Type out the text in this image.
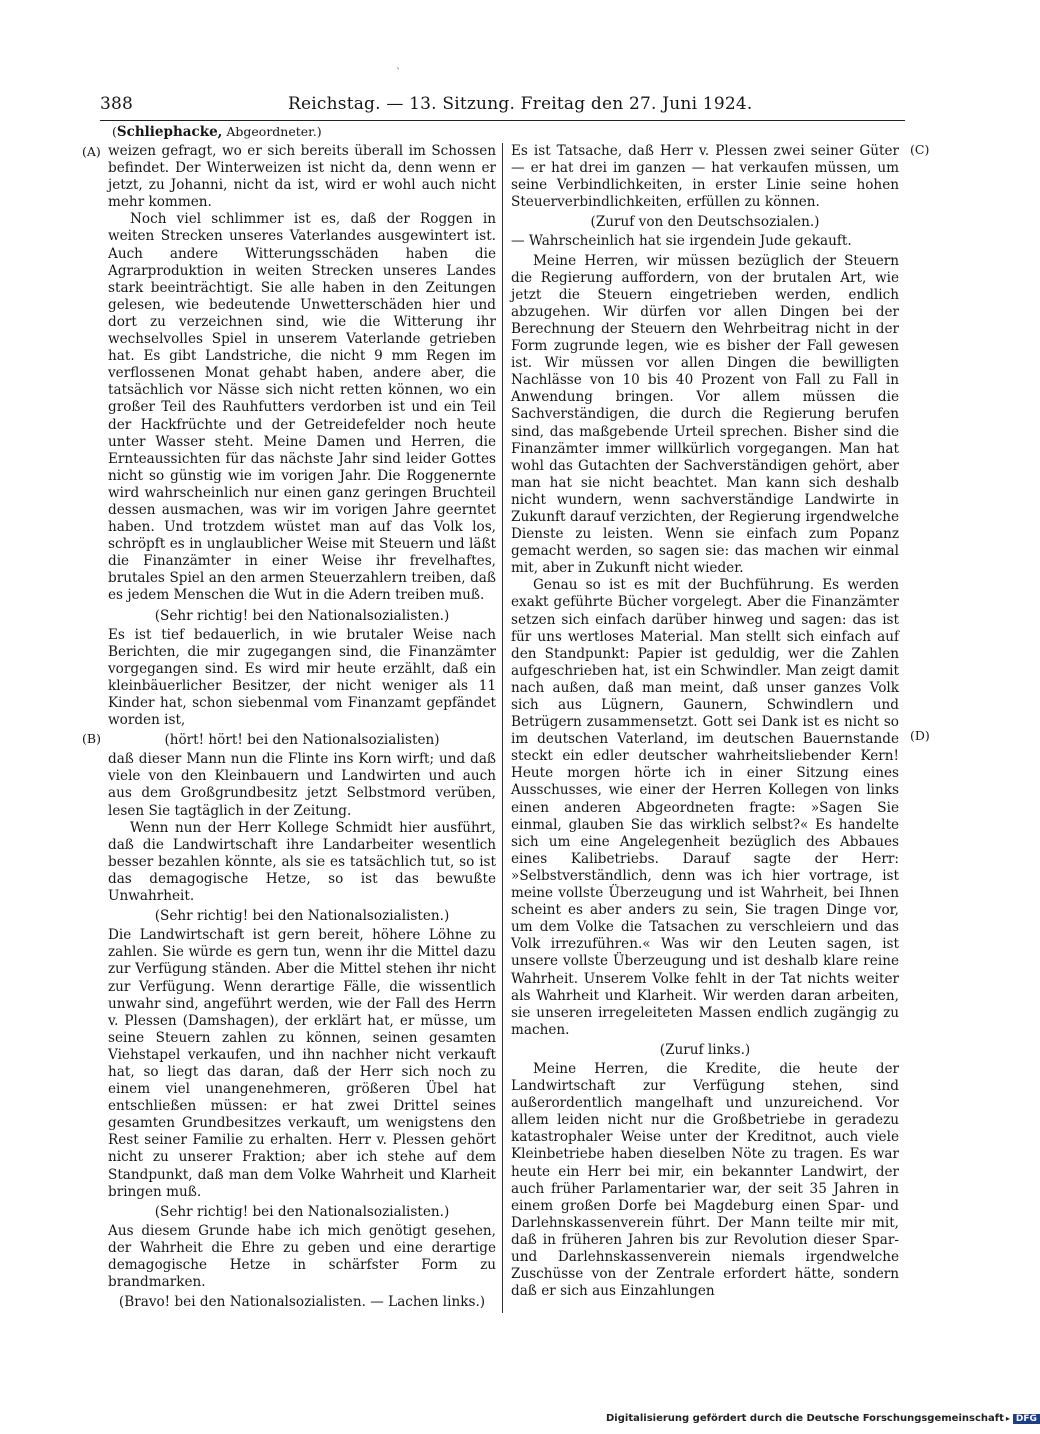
`
388	Reichstag. — 13. Sitzung. Freitag den 27. Juni 1924.
(Schliephacke, Abgeordneter.)
(A)
(B)
(C)
(D)

weizen gefragt, wo er sich bereits überall im Schossen befindet. Der Winterweizen ist nicht da, denn wenn er jetzt, zu Johanni, nicht da ist, wird er wohl auch nicht mehr kommen.

Noch viel schlimmer ist es, daß der Roggen in weiten Strecken unseres Vaterlandes ausgewintert ist. Auch andere Witterungsschäden haben die Agrarproduktion in weiten Strecken unseres Landes stark beeinträchtigt. Sie alle haben in den Zeitungen gelesen, wie bedeutende Unwetterschäden hier und dort zu verzeichnen sind, wie die Witterung ihr wechselvolles Spiel in unserem Vaterlande getrieben hat. Es gibt Landstriche, die nicht 9 mm Regen im verflossenen Monat gehabt haben, andere aber, die tatsächlich vor Nässe sich nicht retten können, wo ein großer Teil des Rauhfutters verdorben ist und ein Teil der Hackfrüchte und der Getreidefelder noch heute unter Wasser steht. Meine Damen und Herren, die Ernteaussichten für das nächste Jahr sind leider Gottes nicht so günstig wie im vorigen Jahr. Die Roggenernte wird wahrscheinlich nur einen ganz geringen Bruchteil dessen ausmachen, was wir im vorigen Jahre geerntet haben. Und trotzdem wüstet man auf das Volk los, schröpft es in unglaublicher Weise mit Steuern und läßt die Finanzämter in einer Weise ihr frevelhaftes, brutales Spiel an den armen Steuerzahlern treiben, daß es jedem Menschen die Wut in die Adern treiben muß.

(Sehr richtig! bei den Nationalsozialisten.)

Es ist tief bedauerlich, in wie brutaler Weise nach Berichten, die mir zugegangen sind, die Finanzämter vorgegangen sind. Es wird mir heute erzählt, daß ein kleinbäuerlicher Besitzer, der nicht weniger als 11 Kinder hat, schon siebenmal vom Finanzamt gepfändet worden ist,

(hört! hört! bei den Nationalsozialisten)

daß dieser Mann nun die Flinte ins Korn wirft; und daß viele von den Kleinbauern und Landwirten und auch aus dem Großgrundbesitz jetzt Selbstmord verüben, lesen Sie tagtäglich in der Zeitung.

Wenn nun der Herr Kollege Schmidt hier ausführt, daß die Landwirtschaft ihre Landarbeiter wesentlich besser bezahlen könnte, als sie es tatsächlich tut, so ist das demagogische Hetze, so ist das bewußte Unwahrheit.

(Sehr richtig! bei den Nationalsozialisten.)

Die Landwirtschaft ist gern bereit, höhere Löhne zu zahlen. Sie würde es gern tun, wenn ihr die Mittel dazu zur Verfügung ständen. Aber die Mittel stehen ihr nicht zur Verfügung. Wenn derartige Fälle, die wissentlich unwahr sind, angeführt werden, wie der Fall des Herrn v. Plessen (Damshagen), der erklärt hat, er müsse, um seine Steuern zahlen zu können, seinen gesamten Viehstapel verkaufen, und ihn nachher nicht verkauft hat, so liegt das daran, daß der Herr sich noch zu einem viel unangenehmeren, größeren Übel hat entschließen müssen: er hat zwei Drittel seines gesamten Grundbesitzes verkauft, um wenigstens den Rest seiner Familie zu erhalten. Herr v. Plessen gehört nicht zu unserer Fraktion; aber ich stehe auf dem Standpunkt, daß man dem Volke Wahrheit und Klarheit bringen muß.

(Sehr richtig! bei den Nationalsozialisten.)

Aus diesem Grunde habe ich mich genötigt gesehen, der Wahrheit die Ehre zu geben und eine derartige demagogische Hetze in schärfster Form zu brandmarken.

(Bravo! bei den Nationalsozialisten. — Lachen links.)

Es ist Tatsache, daß Herr v. Plessen zwei seiner Güter — er hat drei im ganzen — hat verkaufen müssen, um seine Verbindlichkeiten, in erster Linie seine hohen Steuerverbindlichkeiten, erfüllen zu können.

(Zuruf von den Deutschsozialen.)

— Wahrscheinlich hat sie irgendein Jude gekauft.

Meine Herren, wir müssen bezüglich der Steuern die Regierung auffordern, von der brutalen Art, wie jetzt die Steuern eingetrieben werden, endlich abzugehen. Wir dürfen vor allen Dingen bei der Berechnung der Steuern den Wehrbeitrag nicht in der Form zugrunde legen, wie es bisher der Fall gewesen ist. Wir müssen vor allen Dingen die bewilligten Nachlässe von 10 bis 40 Prozent von Fall zu Fall in Anwendung bringen. Vor allem müssen die Sachverständigen, die durch die Regierung berufen sind, das maßgebende Urteil sprechen. Bisher sind die Finanzämter immer willkürlich vorgegangen. Man hat wohl das Gutachten der Sachverständigen gehört, aber man hat sie nicht beachtet. Man kann sich deshalb nicht wundern, wenn sachverständige Landwirte in Zukunft darauf verzichten, der Regierung irgendwelche Dienste zu leisten. Wenn sie einfach zum Popanz gemacht werden, so sagen sie: das machen wir einmal mit, aber in Zukunft nicht wieder.

Genau so ist es mit der Buchführung. Es werden exakt geführte Bücher vorgelegt. Aber die Finanzämter setzen sich einfach darüber hinweg und sagen: das ist für uns wertloses Material. Man stellt sich einfach auf den Standpunkt: Papier ist geduldig, wer die Zahlen aufgeschrieben hat, ist ein Schwindler. Man zeigt damit nach außen, daß man meint, daß unser ganzes Volk sich aus Lügnern, Gaunern, Schwindlern und Betrügern zusammensetzt. Gott sei Dank ist es nicht so im deutschen Vaterland, im deutschen Bauernstande steckt ein edler deutscher wahrheitsliebender Kern! Heute morgen hörte ich in einer Sitzung eines Ausschusses, wie einer der Herren Kollegen von links einen anderen Abgeordneten fragte: »Sagen Sie einmal, glauben Sie das wirklich selbst?« Es handelte sich um eine Angelegenheit bezüglich des Abbaues eines Kalibetriebs. Darauf sagte der Herr: »Selbstverständlich, denn was ich hier vortrage, ist meine vollste Überzeugung und ist Wahrheit, bei Ihnen scheint es aber anders zu sein, Sie tragen Dinge vor, um dem Volke die Tatsachen zu verschleiern und das Volk irrezuführen.« Was wir den Leuten sagen, ist unsere vollste Überzeugung und ist deshalb klare reine Wahrheit. Unserem Volke fehlt in der Tat nichts weiter als Wahrheit und Klarheit. Wir werden daran arbeiten, sie unseren irregeleiteten Massen endlich zugängig zu machen.

(Zuruf links.)

Meine Herren, die Kredite, die heute der Landwirtschaft zur Verfügung stehen, sind außerordentlich mangelhaft und unzureichend. Vor allem leiden nicht nur die Großbetriebe in geradezu katastrophaler Weise unter der Kreditnot, auch viele Kleinbetriebe haben dieselben Nöte zu tragen. Es war heute ein Herr bei mir, ein bekannter Landwirt, der auch früher Parlamentarier war, der seit 35 Jahren in einem großen Dorfe bei Magdeburg einen Spar- und Darlehnskassenverein führt. Der Mann teilte mir mit, daß in früheren Jahren bis zur Revolution dieser Spar- und Darlehnskassenverein niemals irgendwelche Zuschüsse von der Zentrale erfordert hätte, sondern daß er sich aus Einzahlungen

Digitalisierung gefördert durch die Deutsche Forschungsgemeinschaft ▸ DFG
